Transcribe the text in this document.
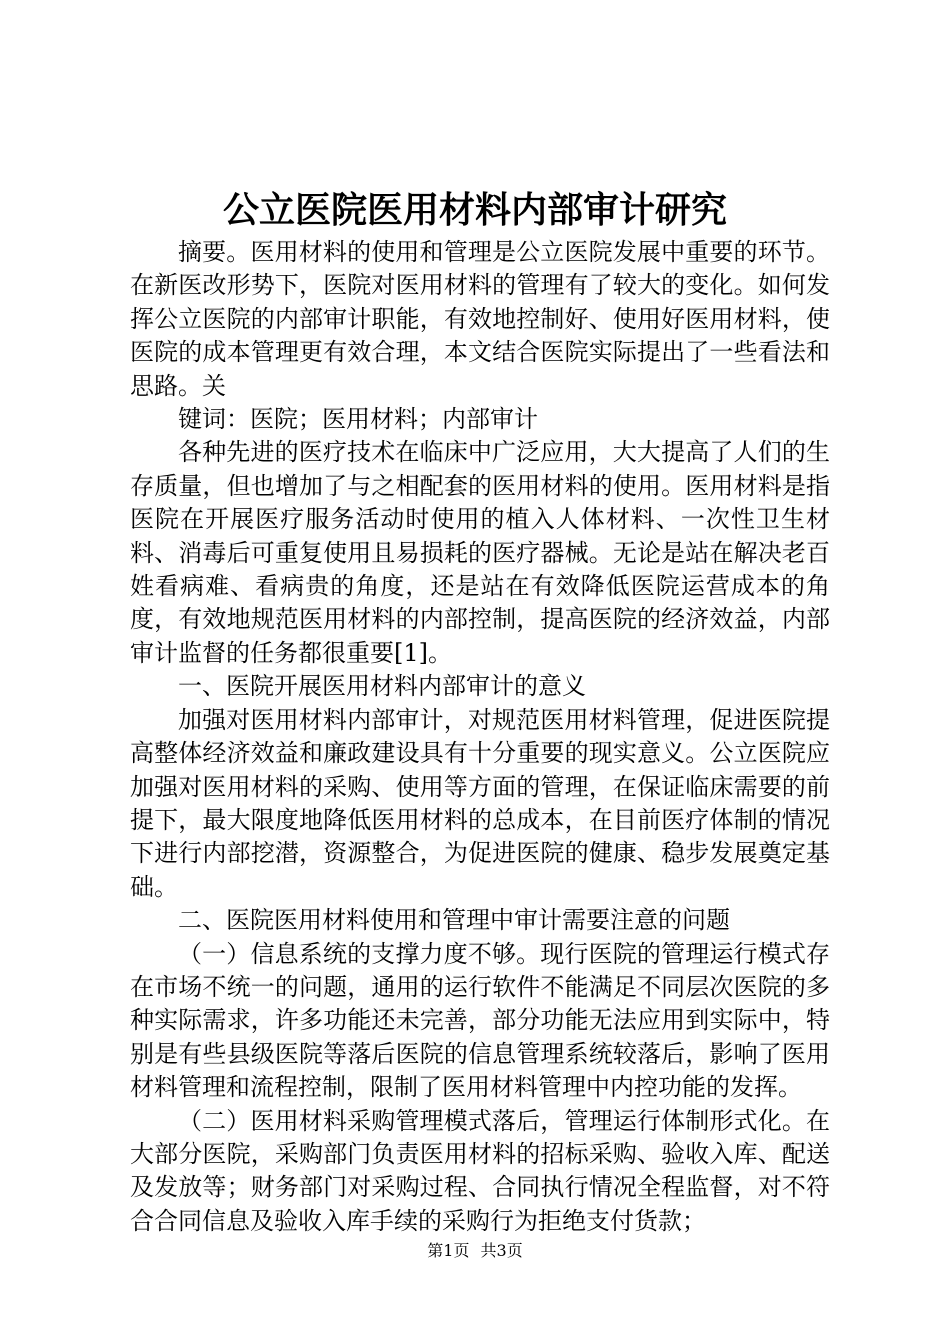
公立医院医用材料内部审计研究

摘要。医用材料的使用和管理是公立医院发展中重要的环节。在新医改形势下，医院对医用材料的管理有了较大的变化。如何发挥公立医院的内部审计职能，有效地控制好、使用好医用材料，使医院的成本管理更有效合理，本文结合医院实际提出了一些看法和思路。关

键词：医院；医用材料；内部审计

各种先进的医疗技术在临床中广泛应用，大大提高了人们的生存质量，但也增加了与之相配套的医用材料的使用。医用材料是指医院在开展医疗服务活动时使用的植入人体材料、一次性卫生材料、消毒后可重复使用且易损耗的医疗器械。无论是站在解决老百姓看病难、看病贵的角度，还是站在有效降低医院运营成本的角度，有效地规范医用材料的内部控制，提高医院的经济效益，内部审计监督的任务都很重要[1]。

一、医院开展医用材料内部审计的意义

加强对医用材料内部审计，对规范医用材料管理，促进医院提高整体经济效益和廉政建设具有十分重要的现实意义。公立医院应加强对医用材料的采购、使用等方面的管理，在保证临床需要的前提下，最大限度地降低医用材料的总成本，在目前医疗体制的情况下进行内部挖潜，资源整合，为促进医院的健康、稳步发展奠定基础。

二、医院医用材料使用和管理中审计需要注意的问题

（一）信息系统的支撑力度不够。现行医院的管理运行模式存在市场不统一的问题，通用的运行软件不能满足不同层次医院的多种实际需求，许多功能还未完善，部分功能无法应用到实际中，特别是有些县级医院等落后医院的信息管理系统较落后，影响了医用材料管理和流程控制，限制了医用材料管理中内控功能的发挥。

（二）医用材料采购管理模式落后，管理运行体制形式化。在大部分医院，采购部门负责医用材料的招标采购、验收入库、配送及发放等；财务部门对采购过程、合同执行情况全程监督，对不符合合同信息及验收入库手续的采购行为拒绝支付货款；

第1页 共3页
